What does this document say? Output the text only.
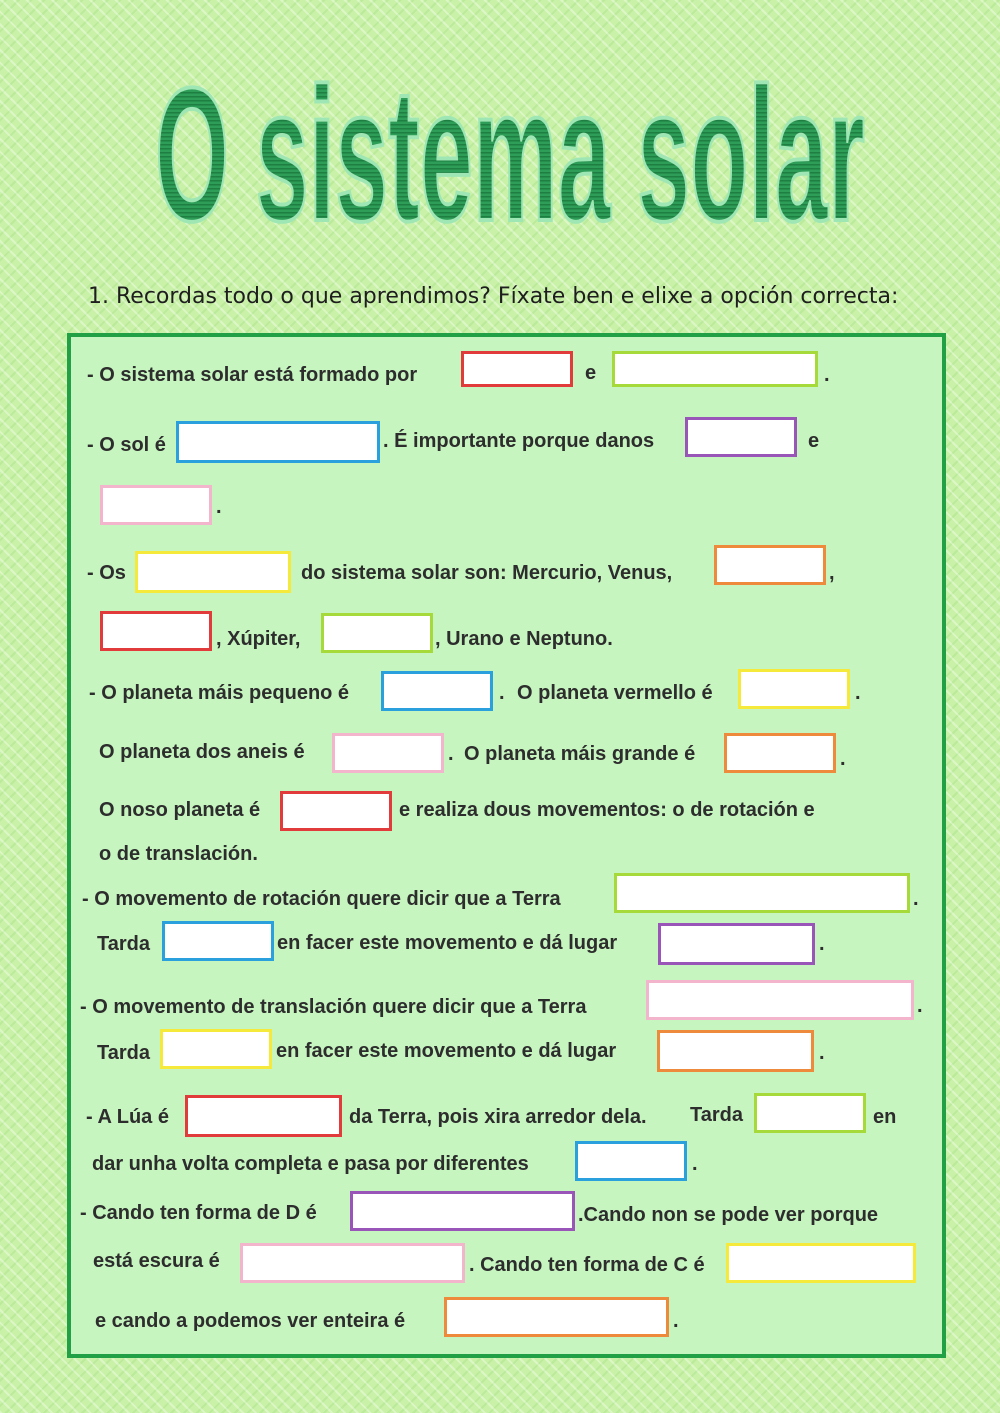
O sistema solar
1. Recordas todo o que aprendimos? Fíxate ben e elixe a opción correcta:
- O sistema solar está formado por	e	.
- O sol é	. É importante porque danos	e
.
- Os	do sistema solar son: Mercurio, Venus,	,
, Xúpiter,	, Urano e Neptuno.
- O planeta máis pequeno é	. O planeta vermello é	.
O planeta dos aneis é	. O planeta máis grande é	.
O noso planeta é	e realiza dous movementos: o de rotación e
o de translación.
- O movemento de rotación quere dicir que a Terra	.
Tarda	en facer este movemento e dá lugar	.
- O movemento de translación quere dicir que a Terra	.
Tarda	en facer este movemento e dá lugar	.
- A Lúa é	da Terra, pois xira arredor dela. Tarda	en
dar unha volta completa e pasa por diferentes	.
- Cando ten forma de D é	.Cando non se pode ver porque
está escura é	. Cando ten forma de C é
e cando a podemos ver enteira é	.
